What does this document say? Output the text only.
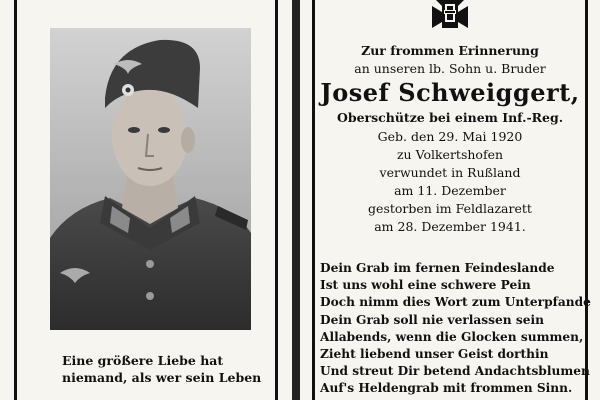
Eine größere Liebe hat
niemand, als wer sein Leben
Zur frommen Erinnerung
an unseren lb. Sohn u. Bruder
Josef Schweiggert,
Oberschütze bei einem Inf.-Reg.
Geb. den 29. Mai 1920
zu Volkertshofen
verwundet in Rußland
am 11. Dezember
gestorben im Feldlazarett
am 28. Dezember 1941.
Dein Grab im fernen Feindeslande
Ist uns wohl eine schwere Pein
Doch nimm dies Wort zum Unterpfande
Dein Grab soll nie verlassen sein
Allabends, wenn die Glocken summen,
Zieht liebend unser Geist dorthin
Und streut Dir betend Andachtsblumen
Auf's Heldengrab mit frommen Sinn.
